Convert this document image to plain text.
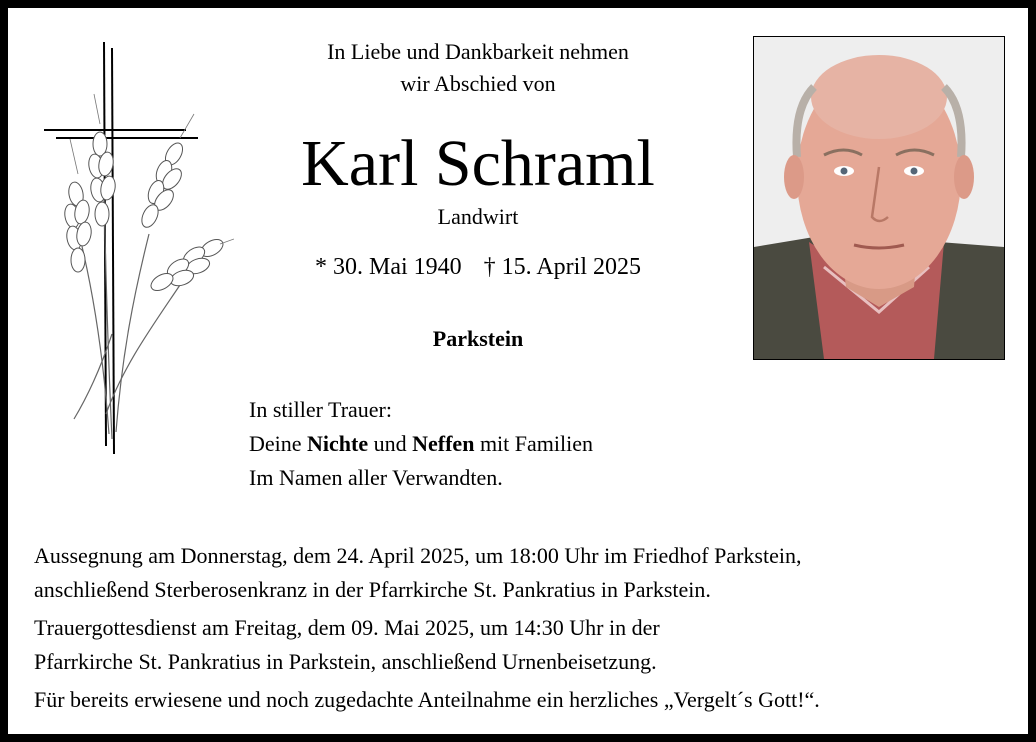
In Liebe und Dankbarkeit nehmen
wir Abschied von
Karl Schraml
Landwirt
* 30. Mai 1940 † 15. April 2025
Parkstein
In stiller Trauer:
Deine Nichte und Neffen mit Familien
Im Namen aller Verwandten.
Aussegnung am Donnerstag, dem 24. April 2025, um 18:00 Uhr im Friedhof Parkstein,
anschließend Sterberosenkranz in der Pfarrkirche St. Pankratius in Parkstein.
Trauergottesdienst am Freitag, dem 09. Mai 2025, um 14:30 Uhr in der
Pfarrkirche St. Pankratius in Parkstein, anschließend Urnenbeisetzung.
Für bereits erwiesene und noch zugedachte Anteilnahme ein herzliches „Vergelt´s Gott!“.
